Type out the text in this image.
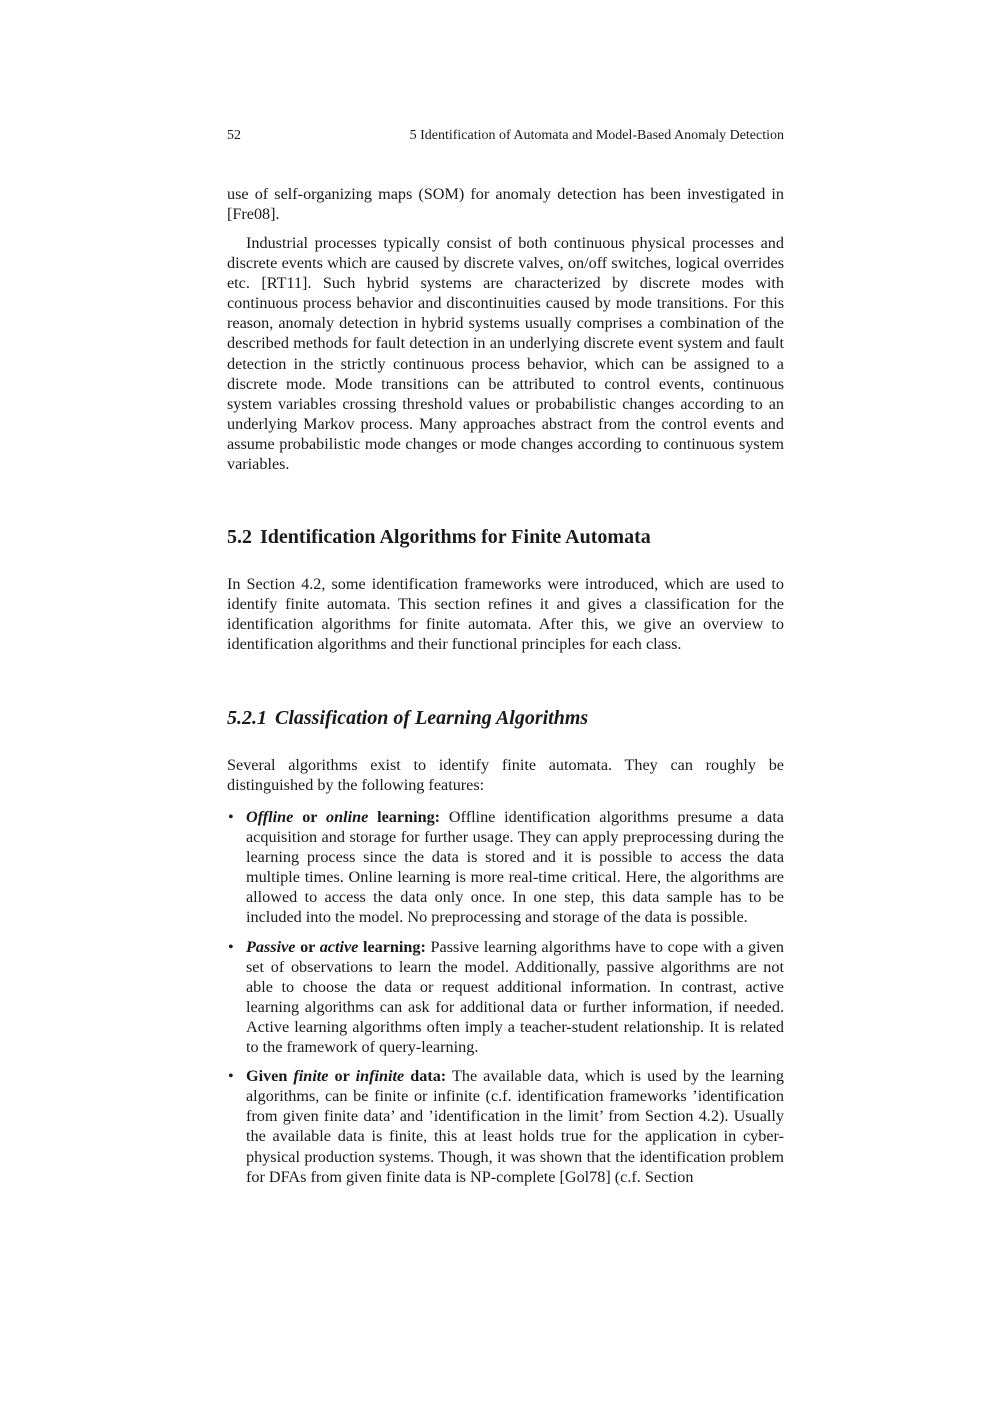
52	5 Identification of Automata and Model-Based Anomaly Detection

use of self-organizing maps (SOM) for anomaly detection has been investigated in [Fre08].

Industrial processes typically consist of both continuous physical processes and discrete events which are caused by discrete valves, on/off switches, logical overrides etc. [RT11]. Such hybrid systems are characterized by discrete modes with continuous process behavior and discontinuities caused by mode transitions. For this reason, anomaly detection in hybrid systems usually comprises a combination of the described methods for fault detection in an underlying discrete event system and fault detection in the strictly continuous process behavior, which can be assigned to a discrete mode. Mode transitions can be attributed to control events, continuous system variables crossing threshold values or probabilistic changes according to an underlying Markov process. Many approaches abstract from the control events and assume probabilistic mode changes or mode changes according to continuous system variables.

5.2 Identification Algorithms for Finite Automata

In Section 4.2, some identification frameworks were introduced, which are used to identify finite automata. This section refines it and gives a classification for the identification algorithms for finite automata. After this, we give an overview to identification algorithms and their functional principles for each class.

5.2.1 Classification of Learning Algorithms

Several algorithms exist to identify finite automata. They can roughly be distinguished by the following features:

• Offline or online learning: Offline identification algorithms presume a data acquisition and storage for further usage. They can apply preprocessing during the learning process since the data is stored and it is possible to access the data multiple times. Online learning is more real-time critical. Here, the algorithms are allowed to access the data only once. In one step, this data sample has to be included into the model. No preprocessing and storage of the data is possible.
• Passive or active learning: Passive learning algorithms have to cope with a given set of observations to learn the model. Additionally, passive algorithms are not able to choose the data or request additional information. In contrast, active learning algorithms can ask for additional data or further information, if needed. Active learning algorithms often imply a teacher-student relationship. It is related to the framework of query-learning.
• Given finite or infinite data: The available data, which is used by the learning algorithms, can be finite or infinite (c.f. identification frameworks ’identification from given finite data’ and ’identification in the limit’ from Section 4.2). Usually the available data is finite, this at least holds true for the application in cyber-physical production systems. Though, it was shown that the identification problem for DFAs from given finite data is NP-complete [Gol78] (c.f. Section
